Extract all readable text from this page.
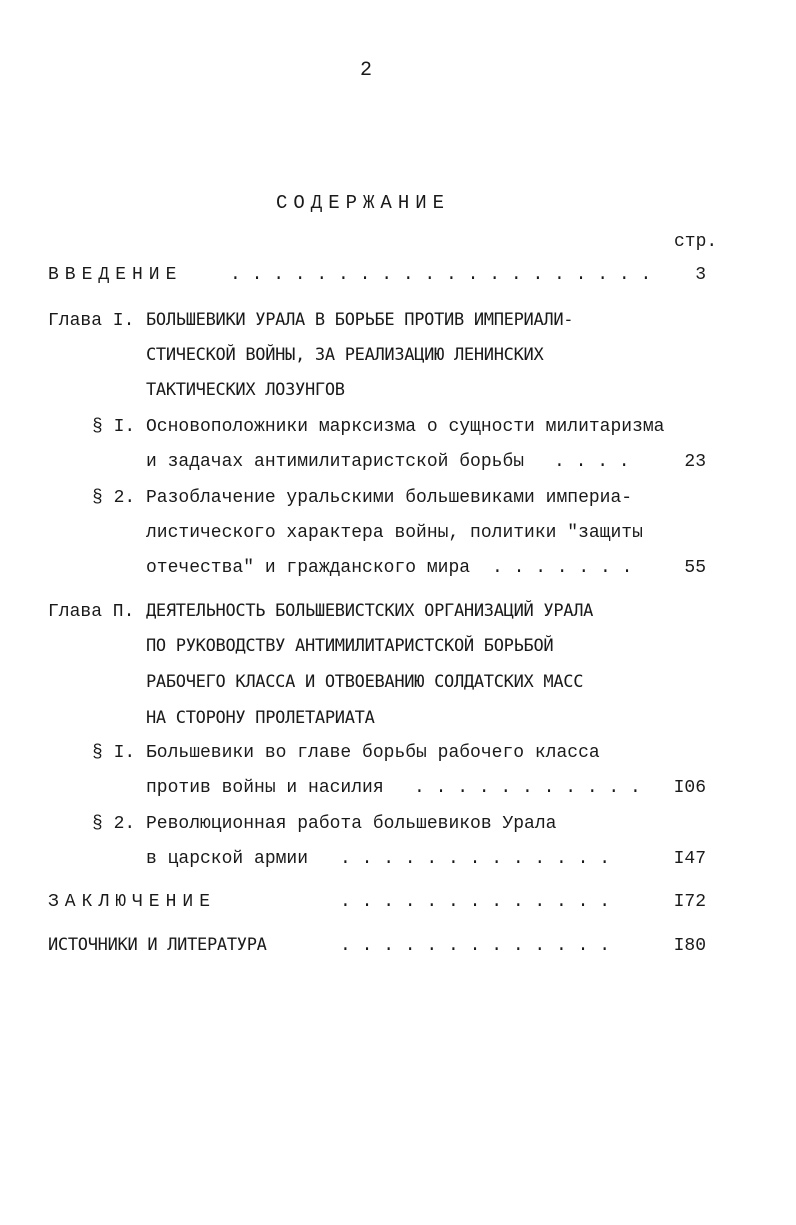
2
СОДЕРЖАНИЕ
стр.
ВВЕДЕНИЕ	. . . . . . . . . . . . . . . . . . . .	3
Глава I. БОЛЬШЕВИКИ УРАЛА В БОРЬБЕ ПРОТИВ ИМПЕРИАЛИ-
СТИЧЕСКОЙ ВОЙНЫ, ЗА РЕАЛИЗАЦИЮ ЛЕНИНСКИХ
ТАКТИЧЕСКИХ ЛОЗУНГОВ
§ I. Основоположники марксизма о сущности милитаризма
и задачах антимилитаристской борьбы . . . .	23
§ 2. Разоблачение уральскими большевиками империа-
листического характера войны, политики "защиты
отечества" и гражданского мира . . . . . . .	55
Глава П. ДЕЯТЕЛЬНОСТЬ БОЛЬШЕВИСТСКИХ ОРГАНИЗАЦИЙ УРАЛА
ПО РУКОВОДСТВУ АНТИМИЛИТАРИСТСКОЙ БОРЬБОЙ
РАБОЧЕГО КЛАССА И ОТВОЕВАНИЮ СОЛДАТСКИХ МАСС
НА СТОРОНУ ПРОЛЕТАРИАТА
§ I. Большевики во главе борьбы рабочего класса
против войны и насилия . . . . . . . . . . .	I06
§ 2. Революционная работа большевиков Урала
в царской армии . . . . . . . . . . . . .	I47
ЗАКЛЮЧЕНИЕ	. . . . . . . . . . . . .	I72
ИСТОЧНИКИ И ЛИТЕРАТУРА	. . . . . . . . . . . . .	I80
